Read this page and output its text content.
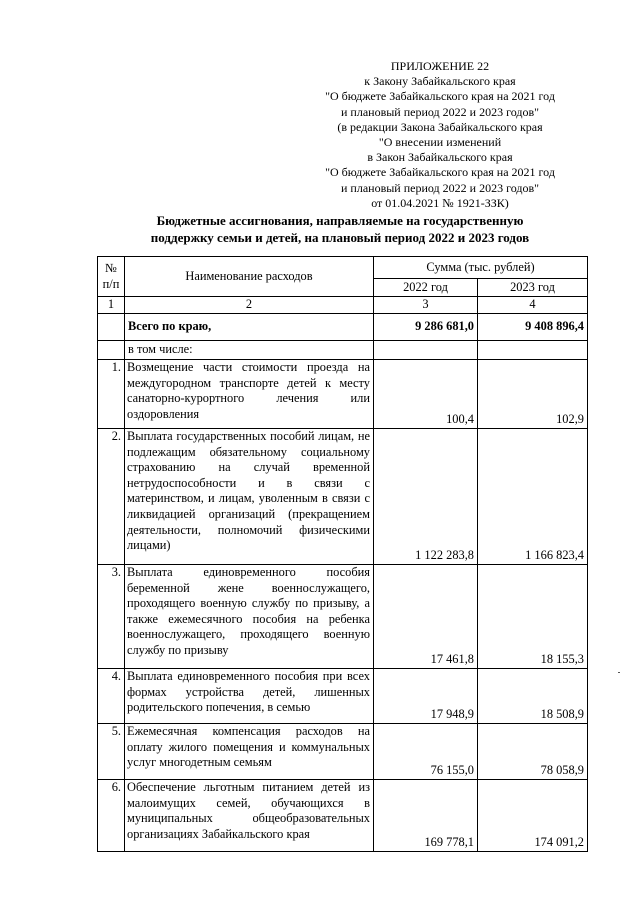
ПРИЛОЖЕНИЕ 22
к Закону Забайкальского края
"О бюджете Забайкальского края на 2021 год
и плановый период 2022 и 2023 годов"
(в редакции Закона Забайкальского края
"О внесении изменений
в Закон Забайкальского края
"О бюджете Забайкальского края на 2021 год
и плановый период 2022 и 2023 годов"
от 01.04.2021 № 1921-ЗЗК)
Бюджетные ассигнования, направляемые на государственную
поддержку семьи и детей, на плановый период 2022 и 2023 годов
№ п/п	Наименование расходов	Сумма (тыс. рублей)	
		2022 год	2023 год
1	2	3	4
	Всего по краю,	9 286 681,0	9 408 896,4
	в том числе:		
1.	Возмещение части стоимости проезда на междугородном транспорте детей к месту санаторно-курортного лечения или оздоровления	100,4	102,9
2.	Выплата государственных пособий лицам, не подлежащим обязательному социальному страхованию на случай временной нетрудоспособности и в связи с материнством, и лицам, уволенным в связи с ликвидацией организаций (прекращением деятельности, полномочий физическими лицами)	1 122 283,8	1 166 823,4
3.	Выплата единовременного пособия беременной жене военнослужащего, проходящего военную службу по призыву, а также ежемесячного пособия на ребенка военнослужащего, проходящего военную службу по призыву	17 461,8	18 155,3
4.	Выплата единовременного пособия при всех формах устройства детей, лишенных родительского попечения, в семью	17 948,9	18 508,9
5.	Ежемесячная компенсация расходов на оплату жилого помещения и коммунальных услуг многодетным семьям	76 155,0	78 058,9
6.	Обеспечение льготным питанием детей из малоимущих семей, обучающихся в муниципальных общеобразовательных организациях Забайкальского края	169 778,1	174 091,2
